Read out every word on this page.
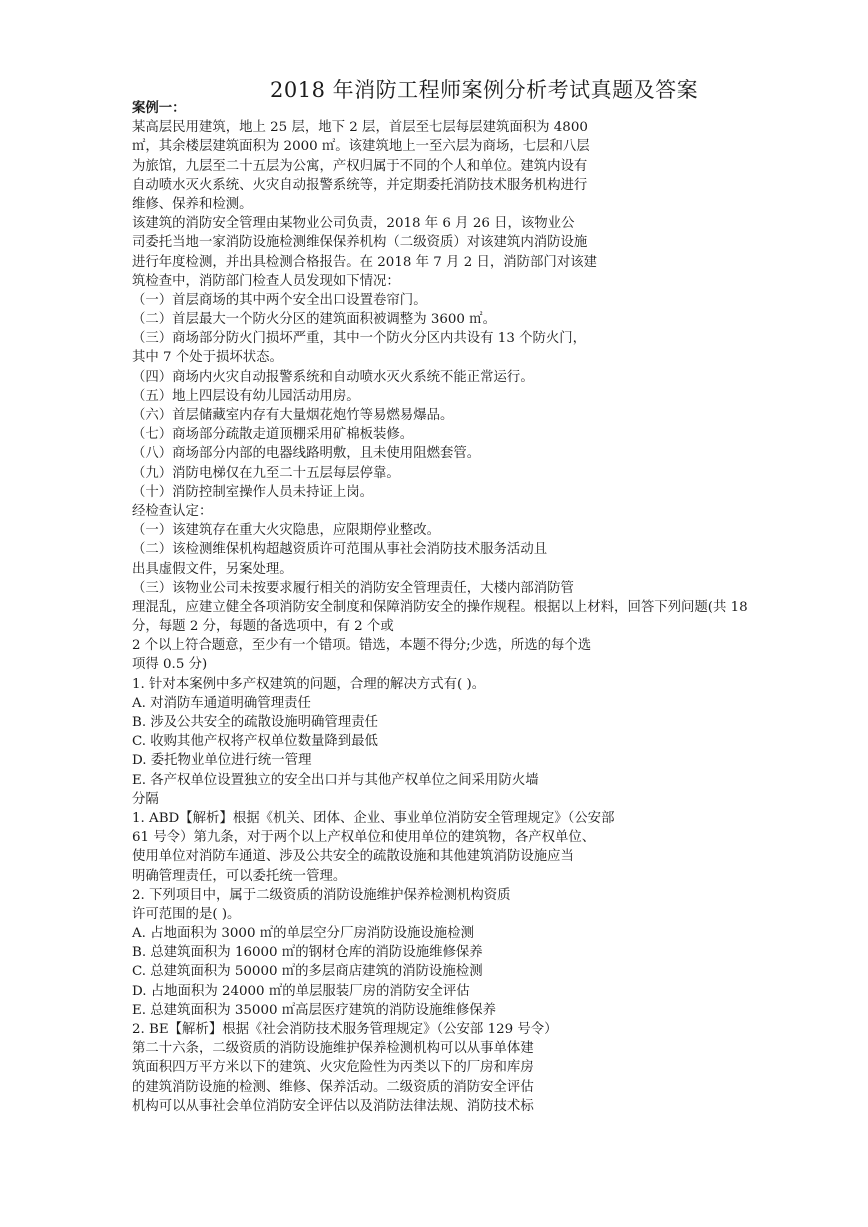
2018 年消防工程师案例分析考试真题及答案
案例一：
某高层民用建筑，地上 25 层，地下 2 层，首层至七层每层建筑面积为 4800
㎡，其余楼层建筑面积为 2000 ㎡。该建筑地上一至六层为商场，七层和八层
为旅馆，九层至二十五层为公寓，产权归属于不同的个人和单位。建筑内设有
自动喷水灭火系统、火灾自动报警系统等，并定期委托消防技术服务机构进行
维修、保养和检测。
该建筑的消防安全管理由某物业公司负责，2018 年 6 月 26 日，该物业公
司委托当地一家消防设施检测维保保养机构（二级资质）对该建筑内消防设施
进行年度检测，并出具检测合格报告。在 2018 年 7 月 2 日，消防部门对该建
筑检查中，消防部门检查人员发现如下情况：
（一）首层商场的其中两个安全出口设置卷帘门。
（二）首层最大一个防火分区的建筑面积被调整为 3600 ㎡。
（三）商场部分防火门损坏严重，其中一个防火分区内共设有 13 个防火门，
其中 7 个处于损坏状态。
（四）商场内火灾自动报警系统和自动喷水灭火系统不能正常运行。
（五）地上四层设有幼儿园活动用房。
（六）首层储藏室内存有大量烟花炮竹等易燃易爆品。
（七）商场部分疏散走道顶棚采用矿棉板装修。
（八）商场部分内部的电器线路明敷，且未使用阻燃套管。
（九）消防电梯仅在九至二十五层每层停靠。
（十）消防控制室操作人员未持证上岗。
经检查认定：
（一）该建筑存在重大火灾隐患，应限期停业整改。
（二）该检测维保机构超越资质许可范围从事社会消防技术服务活动且
出具虚假文件，另案处理。
（三）该物业公司未按要求履行相关的消防安全管理责任，大楼内部消防管
理混乱，应建立健全各项消防安全制度和保障消防安全的操作规程。根据以上材料，回答下列问题(共 18
分，每题 2 分，每题的备选项中，有 2 个或
2 个以上符合题意，至少有一个错项。错选，本题不得分;少选，所选的每个选
项得 0.5 分)
1. 针对本案例中多产权建筑的问题，合理的解决方式有( )。
A. 对消防车通道明确管理责任
B. 涉及公共安全的疏散设施明确管理责任
C. 收购其他产权将产权单位数量降到最低
D. 委托物业单位进行统一管理
E. 各产权单位设置独立的安全出口并与其他产权单位之间采用防火墙
分隔
1. ABD【解析】根据《机关、团体、企业、事业单位消防安全管理规定》（公安部
61 号令）第九条，对于两个以上产权单位和使用单位的建筑物，各产权单位、
使用单位对消防车通道、涉及公共安全的疏散设施和其他建筑消防设施应当
明确管理责任，可以委托统一管理。
2. 下列项目中，属于二级资质的消防设施维护保养检测机构资质
许可范围的是( )。
A. 占地面积为 3000 ㎡的单层空分厂房消防设施设施检测
B. 总建筑面积为 16000 ㎡的钢材仓库的消防设施维修保养
C. 总建筑面积为 50000 ㎡的多层商店建筑的消防设施检测
D. 占地面积为 24000 ㎡的单层服装厂房的消防安全评估
E. 总建筑面积为 35000 ㎡高层医疗建筑的消防设施维修保养
2. BE【解析】根据《社会消防技术服务管理规定》（公安部 129 号令）
第二十六条，二级资质的消防设施维护保养检测机构可以从事单体建
筑面积四万平方米以下的建筑、火灾危险性为丙类以下的厂房和库房
的建筑消防设施的检测、维修、保养活动。二级资质的消防安全评估
机构可以从事社会单位消防安全评估以及消防法律法规、消防技术标
